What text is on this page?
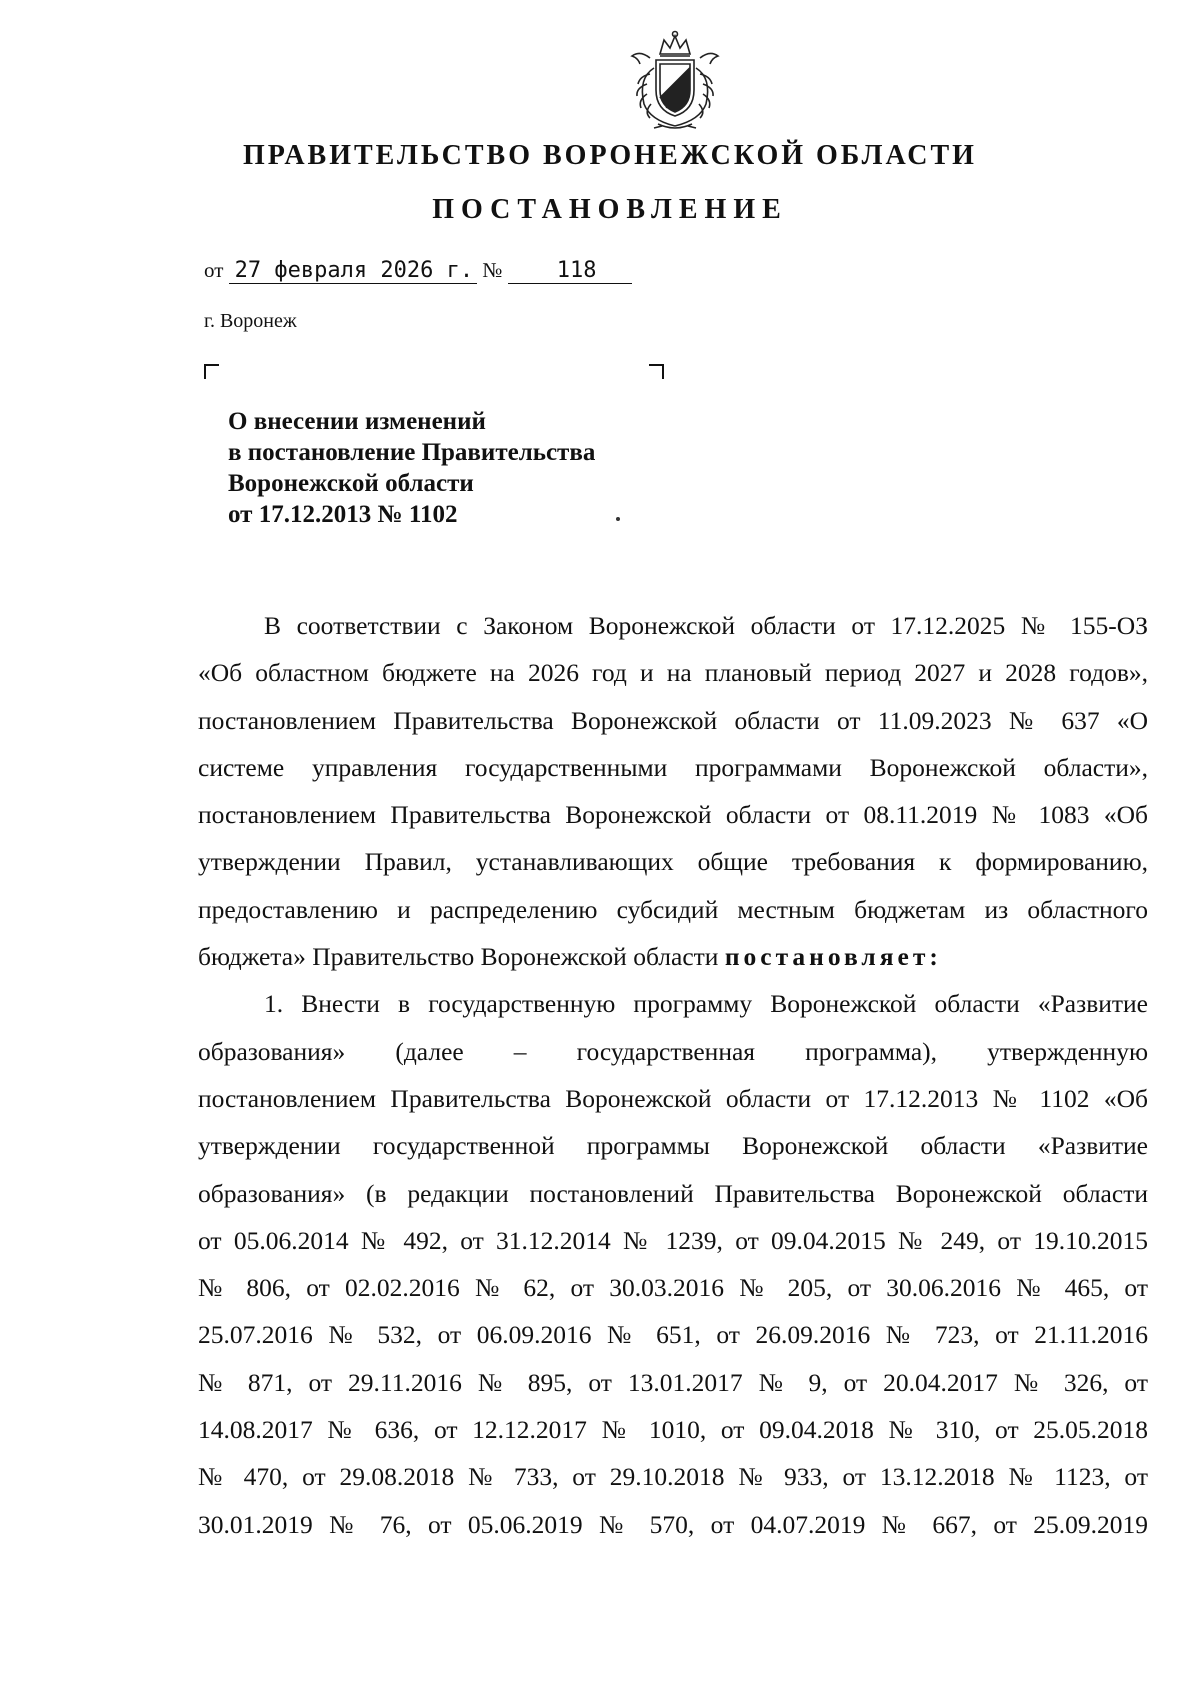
ПРАВИТЕЛЬСТВО ВОРОНЕЖСКОЙ ОБЛАСТИ
ПОСТАНОВЛЕНИЕ
от 27 февраля 2026 г. № 118
г. Воронеж
О внесении изменений
в постановление Правительства
Воронежской области
от 17.12.2013 № 1102
В соответствии с Законом Воронежской области от 17.12.2025 № 155-ОЗ
«Об областном бюджете на 2026 год и на плановый период 2027 и 2028 годов»,
постановлением Правительства Воронежской области от 11.09.2023 № 637 «О
системе управления государственными программами Воронежской области»,
постановлением Правительства Воронежской области от 08.11.2019 № 1083 «Об
утверждении Правил, устанавливающих общие требования к формированию,
предоставлению и распределению субсидий местным бюджетам из областного
бюджета» Правительство Воронежской области постановляет:
1. Внести в государственную программу Воронежской области «Развитие
образования» (далее – государственная программа), утвержденную
постановлением Правительства Воронежской области от 17.12.2013 № 1102 «Об
утверждении государственной программы Воронежской области «Развитие
образования» (в редакции постановлений Правительства Воронежской области
от 05.06.2014 № 492, от 31.12.2014 № 1239, от 09.04.2015 № 249, от 19.10.2015
№ 806, от 02.02.2016 № 62, от 30.03.2016 № 205, от 30.06.2016 № 465, от
25.07.2016 № 532, от 06.09.2016 № 651, от 26.09.2016 № 723, от 21.11.2016
№ 871, от 29.11.2016 № 895, от 13.01.2017 № 9, от 20.04.2017 № 326, от
14.08.2017 № 636, от 12.12.2017 № 1010, от 09.04.2018 № 310, от 25.05.2018
№ 470, от 29.08.2018 № 733, от 29.10.2018 № 933, от 13.12.2018 № 1123, от
30.01.2019 № 76, от 05.06.2019 № 570, от 04.07.2019 № 667, от 25.09.2019
